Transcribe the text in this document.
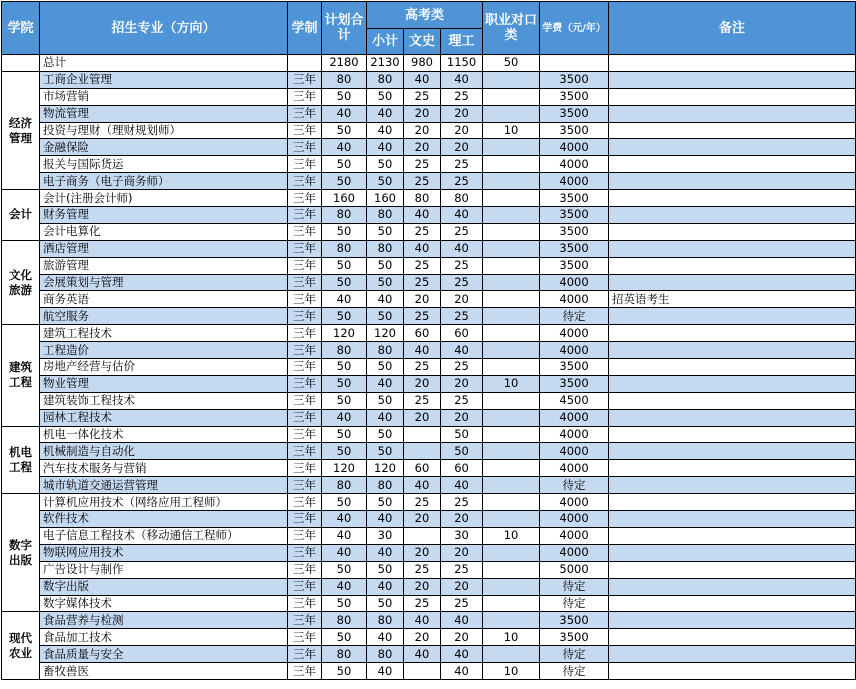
学院	招生专业（方向）	学制	计划合计	高考类			职业对口类	学费（元/年）	备注
				小计	文史	理工			
	总计		2180	2130	980	1150	50		
经济管理	工商企业管理	三年	80	80	40	40		3500	
	市场营销	三年	50	50	25	25		3500	
	物流管理	三年	40	40	20	20		3500	
	投资与理财（理财规划师）	三年	50	40	20	20	10	3500	
	金融保险	三年	40	40	20	20		4000	
	报关与国际货运	三年	50	50	25	25		4000	
	电子商务（电子商务师）	三年	50	50	25	25		4000	
会计	会计(注册会计师)	三年	160	160	80	80		3500	
	财务管理	三年	80	80	40	40		3500	
	会计电算化	三年	50	50	25	25		3500	
文化旅游	酒店管理	三年	80	80	40	40		3500	
	旅游管理	三年	50	50	25	25		3500	
	会展策划与管理	三年	50	50	25	25		4000	
	商务英语	三年	40	40	20	20		4000	招英语考生
	航空服务	三年	50	50	25	25		待定	
建筑工程	建筑工程技术	三年	120	120	60	60		4000	
	工程造价	三年	80	80	40	40		4000	
	房地产经营与估价	三年	50	50	25	25		3500	
	物业管理	三年	50	40	20	20	10	3500	
	建筑装饰工程技术	三年	50	50	25	25		4500	
	园林工程技术	三年	40	40	20	20		4000	
机电工程	机电一体化技术	三年	50	50		50		4000	
	机械制造与自动化	三年	50	50		50		4000	
	汽车技术服务与营销	三年	120	120	60	60		4000	
	城市轨道交通运营管理	三年	80	80	40	40		待定	
数字出版	计算机应用技术（网络应用工程师）	三年	50	50	25	25		4000	
	软件技术	三年	40	40	20	20		4000	
	电子信息工程技术（移动通信工程师）	三年	40	30		30	10	4000	
	物联网应用技术	三年	40	40	20	20		4000	
	广告设计与制作	三年	50	50	25	25		5000	
	数字出版	三年	40	40	20	20		待定	
	数字媒体技术	三年	50	50	25	25		待定	
现代农业	食品营养与检测	三年	80	80	40	40		3500	
	食品加工技术	三年	50	40	20	20	10	3500	
	食品质量与安全	三年	80	80	40	40		待定	
	畜牧兽医	三年	50	40		40	10	待定	
